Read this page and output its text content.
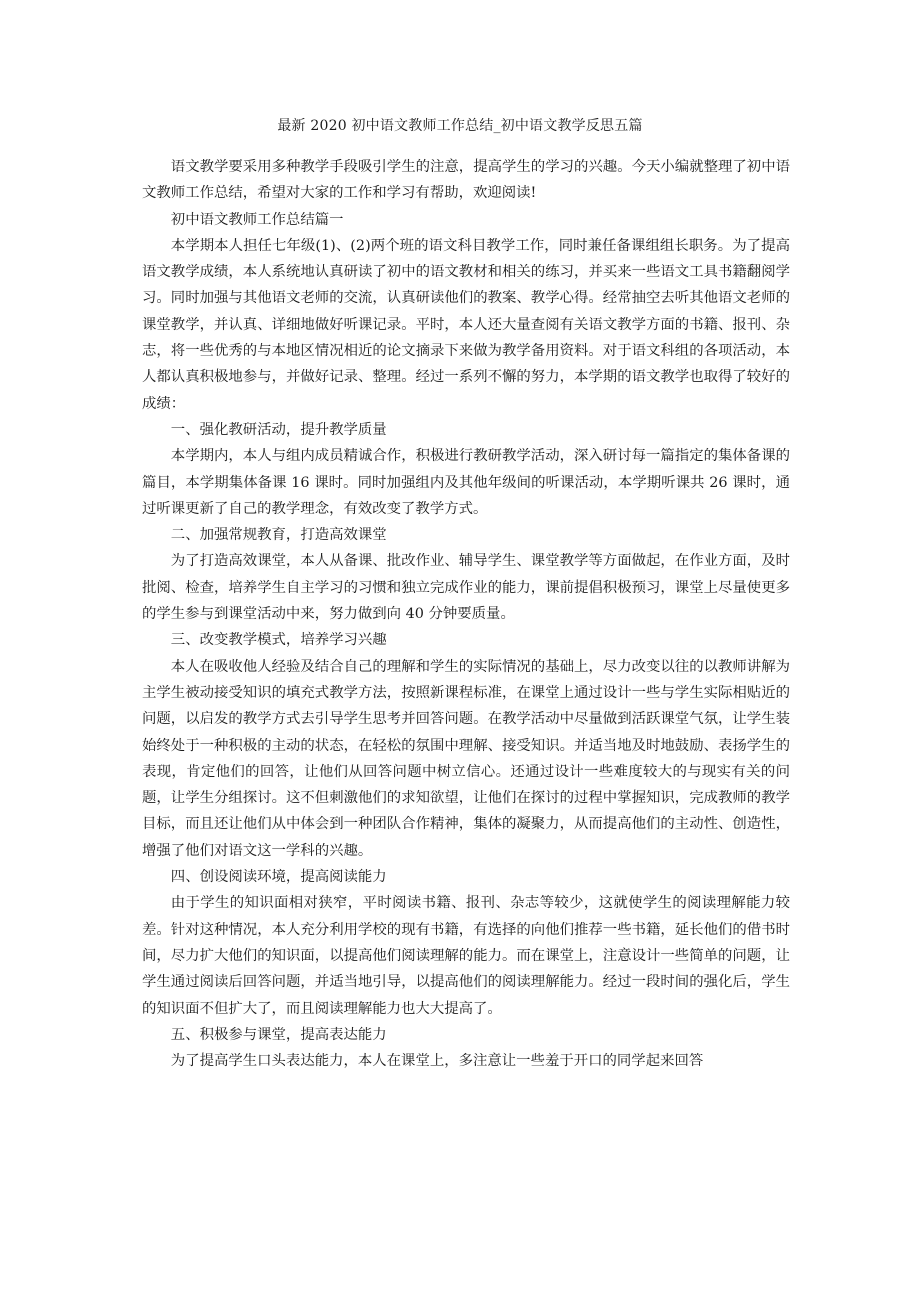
最新 2020 初中语文教师工作总结_初中语文教学反思五篇

语文教学要采用多种教学手段吸引学生的注意，提高学生的学习的兴趣。今天小编就整理了初中语文教师工作总结，希望对大家的工作和学习有帮助，欢迎阅读!

初中语文教师工作总结篇一

本学期本人担任七年级(1)、(2)两个班的语文科目教学工作，同时兼任备课组组长职务。为了提高语文教学成绩，本人系统地认真研读了初中的语文教材和相关的练习，并买来一些语文工具书籍翻阅学习。同时加强与其他语文老师的交流，认真研读他们的教案、教学心得。经常抽空去听其他语文老师的课堂教学，并认真、详细地做好听课记录。平时，本人还大量查阅有关语文教学方面的书籍、报刊、杂志，将一些优秀的与本地区情况相近的论文摘录下来做为教学备用资料。对于语文科组的各项活动，本人都认真积极地参与，并做好记录、整理。经过一系列不懈的努力，本学期的语文教学也取得了较好的成绩：

一、强化教研活动，提升教学质量

本学期内，本人与组内成员精诚合作，积极进行教研教学活动，深入研讨每一篇指定的集体备课的篇目，本学期集体备课 16 课时。同时加强组内及其他年级间的听课活动，本学期听课共 26 课时，通过听课更新了自己的教学理念，有效改变了教学方式。

二、加强常规教育，打造高效课堂

为了打造高效课堂，本人从备课、批改作业、辅导学生、课堂教学等方面做起，在作业方面，及时批阅、检查，培养学生自主学习的习惯和独立完成作业的能力，课前提倡积极预习，课堂上尽量使更多的学生参与到课堂活动中来，努力做到向 40 分钟要质量。

三、改变教学模式，培养学习兴趣

本人在吸收他人经验及结合自己的理解和学生的实际情况的基础上，尽力改变以往的以教师讲解为主学生被动接受知识的填充式教学方法，按照新课程标准，在课堂上通过设计一些与学生实际相贴近的问题，以启发的教学方式去引导学生思考并回答问题。在教学活动中尽量做到活跃课堂气氛，让学生装始终处于一种积极的主动的状态，在轻松的氛围中理解、接受知识。并适当地及时地鼓励、表扬学生的表现，肯定他们的回答，让他们从回答问题中树立信心。还通过设计一些难度较大的与现实有关的问题，让学生分组探讨。这不但刺激他们的求知欲望，让他们在探讨的过程中掌握知识，完成教师的教学目标，而且还让他们从中体会到一种团队合作精神，集体的凝聚力，从而提高他们的主动性、创造性，增强了他们对语文这一学科的兴趣。

四、创设阅读环境，提高阅读能力

由于学生的知识面相对狭窄，平时阅读书籍、报刊、杂志等较少，这就使学生的阅读理解能力较差。针对这种情况，本人充分利用学校的现有书籍，有选择的向他们推荐一些书籍，延长他们的借书时间，尽力扩大他们的知识面，以提高他们阅读理解的能力。而在课堂上，注意设计一些简单的问题，让学生通过阅读后回答问题，并适当地引导，以提高他们的阅读理解能力。经过一段时间的强化后，学生的知识面不但扩大了，而且阅读理解能力也大大提高了。

五、积极参与课堂，提高表达能力

为了提高学生口头表达能力，本人在课堂上，多注意让一些羞于开口的同学起来回答
